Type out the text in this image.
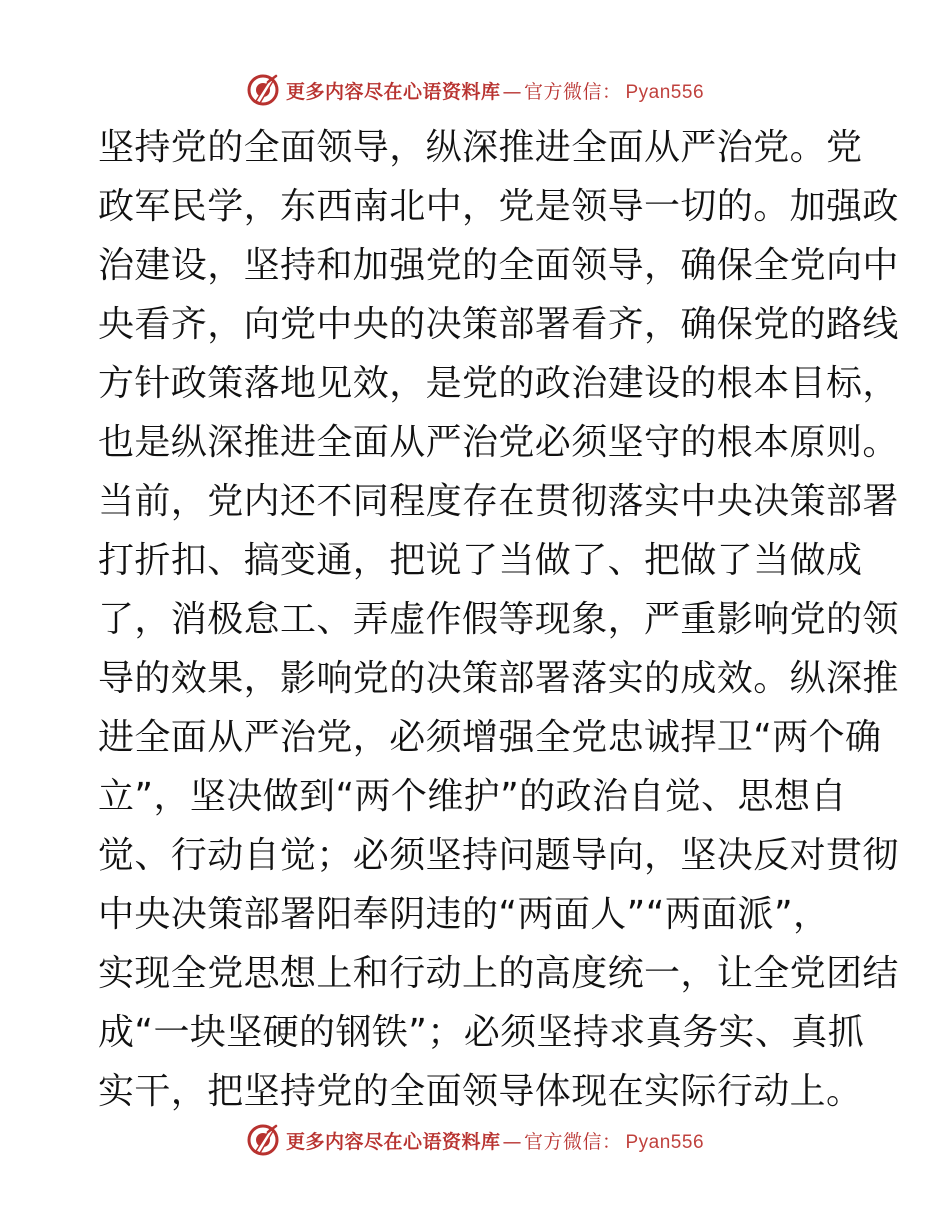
更多内容尽在心语资料库 — 官方微信： Pyan556
坚持党的全面领导，纵深推进全面从严治党。党
政军民学，东西南北中，党是领导一切的。加强政
治建设，坚持和加强党的全面领导，确保全党向中
央看齐，向党中央的决策部署看齐，确保党的路线
方针政策落地见效，是党的政治建设的根本目标，
也是纵深推进全面从严治党必须坚守的根本原则。
当前，党内还不同程度存在贯彻落实中央决策部署
打折扣、搞变通，把说了当做了、把做了当做成
了，消极怠工、弄虚作假等现象，严重影响党的领
导的效果，影响党的决策部署落实的成效。纵深推
进全面从严治党，必须增强全党忠诚捍卫“两个确
立”，坚决做到“两个维护”的政治自觉、思想自
觉、行动自觉；必须坚持问题导向，坚决反对贯彻
中央决策部署阳奉阴违的“两面人”“两面派”，
实现全党思想上和行动上的高度统一，让全党团结
成“一块坚硬的钢铁”；必须坚持求真务实、真抓
实干，把坚持党的全面领导体现在实际行动上。
更多内容尽在心语资料库 — 官方微信： Pyan556
